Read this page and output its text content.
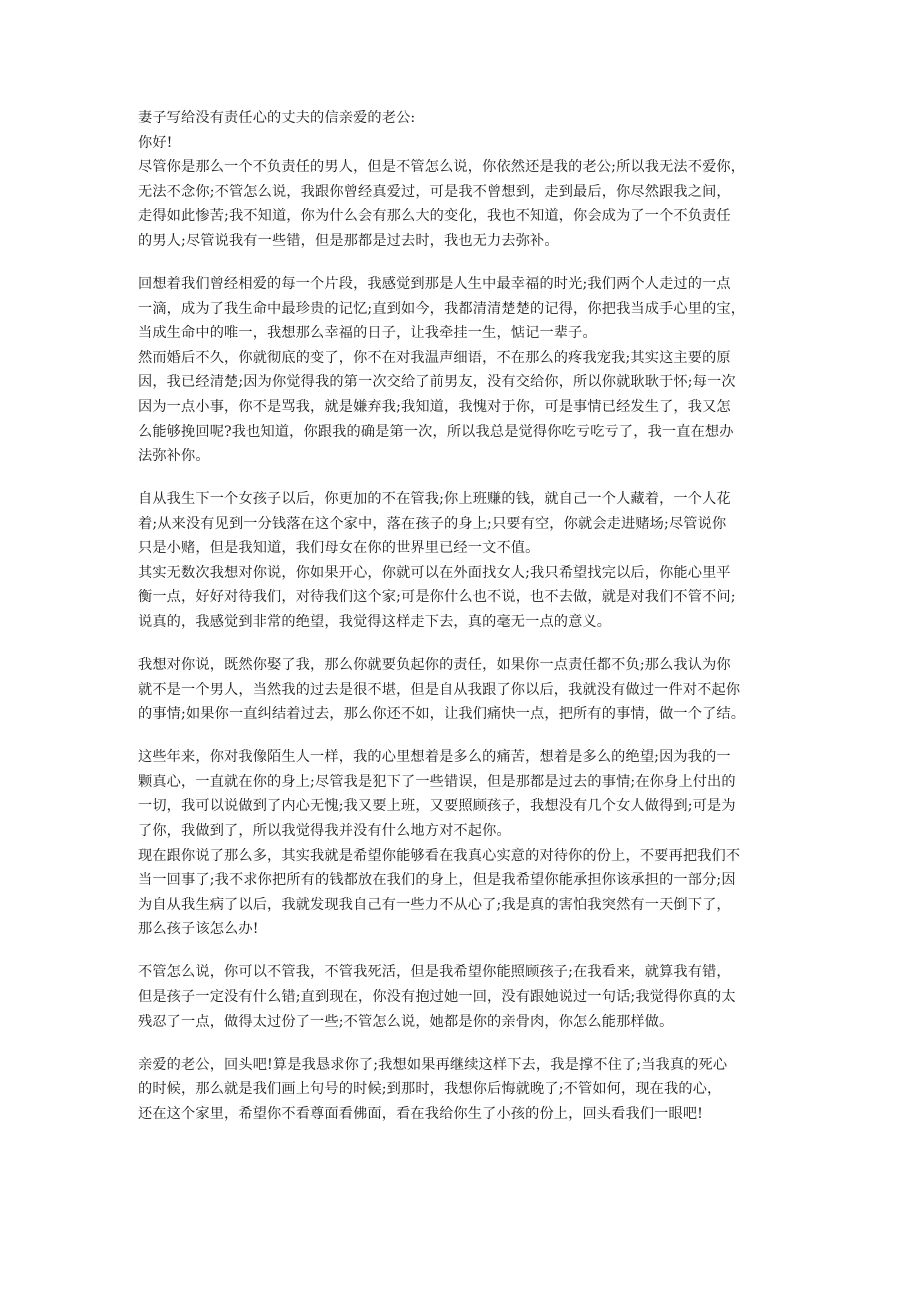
妻子写给没有责任心的丈夫的信亲爱的老公:
你好!
尽管你是那么一个不负责任的男人，但是不管怎么说，你依然还是我的老公;所以我无法不爱你，
无法不念你;不管怎么说，我跟你曾经真爱过，可是我不曾想到，走到最后，你尽然跟我之间，
走得如此惨苦;我不知道，你为什么会有那么大的变化，我也不知道，你会成为了一个不负责任
的男人;尽管说我有一些错，但是那都是过去时，我也无力去弥补。
回想着我们曾经相爱的每一个片段，我感觉到那是人生中最幸福的时光;我们两个人走过的一点
一滴，成为了我生命中最珍贵的记忆;直到如今，我都清清楚楚的记得，你把我当成手心里的宝，
当成生命中的唯一，我想那么幸福的日子，让我牵挂一生，惦记一辈子。
然而婚后不久，你就彻底的变了，你不在对我温声细语，不在那么的疼我宠我;其实这主要的原
因，我已经清楚;因为你觉得我的第一次交给了前男友，没有交给你，所以你就耿耿于怀;每一次
因为一点小事，你不是骂我，就是嫌弃我;我知道，我愧对于你，可是事情已经发生了，我又怎
么能够挽回呢?我也知道，你跟我的确是第一次，所以我总是觉得你吃亏吃亏了，我一直在想办
法弥补你。
自从我生下一个女孩子以后，你更加的不在管我;你上班赚的钱，就自己一个人藏着，一个人花
着;从来没有见到一分钱落在这个家中，落在孩子的身上;只要有空，你就会走进赌场;尽管说你
只是小赌，但是我知道，我们母女在你的世界里已经一文不值。
其实无数次我想对你说，你如果开心，你就可以在外面找女人;我只希望找完以后，你能心里平
衡一点，好好对待我们，对待我们这个家;可是你什么也不说，也不去做，就是对我们不管不问;
说真的，我感觉到非常的绝望，我觉得这样走下去，真的毫无一点的意义。
我想对你说，既然你娶了我，那么你就要负起你的责任，如果你一点责任都不负;那么我认为你
就不是一个男人，当然我的过去是很不堪，但是自从我跟了你以后，我就没有做过一件对不起你
的事情;如果你一直纠结着过去，那么你还不如，让我们痛快一点，把所有的事情，做一个了结。
这些年来，你对我像陌生人一样，我的心里想着是多么的痛苦，想着是多么的绝望;因为我的一
颗真心，一直就在你的身上;尽管我是犯下了一些错误，但是那都是过去的事情;在你身上付出的
一切，我可以说做到了内心无愧;我又要上班，又要照顾孩子，我想没有几个女人做得到;可是为
了你，我做到了，所以我觉得我并没有什么地方对不起你。
现在跟你说了那么多，其实我就是希望你能够看在我真心实意的对待你的份上，不要再把我们不
当一回事了;我不求你把所有的钱都放在我们的身上，但是我希望你能承担你该承担的一部分;因
为自从我生病了以后，我就发现我自己有一些力不从心了;我是真的害怕我突然有一天倒下了，
那么孩子该怎么办!
不管怎么说，你可以不管我，不管我死活，但是我希望你能照顾孩子;在我看来，就算我有错，
但是孩子一定没有什么错;直到现在，你没有抱过她一回，没有跟她说过一句话;我觉得你真的太
残忍了一点，做得太过份了一些;不管怎么说，她都是你的亲骨肉，你怎么能那样做。
亲爱的老公，回头吧!算是我恳求你了;我想如果再继续这样下去，我是撑不住了;当我真的死心
的时候，那么就是我们画上句号的时候;到那时，我想你后悔就晚了;不管如何，现在我的心，
还在这个家里，希望你不看尊面看佛面，看在我给你生了小孩的份上，回头看我们一眼吧!
